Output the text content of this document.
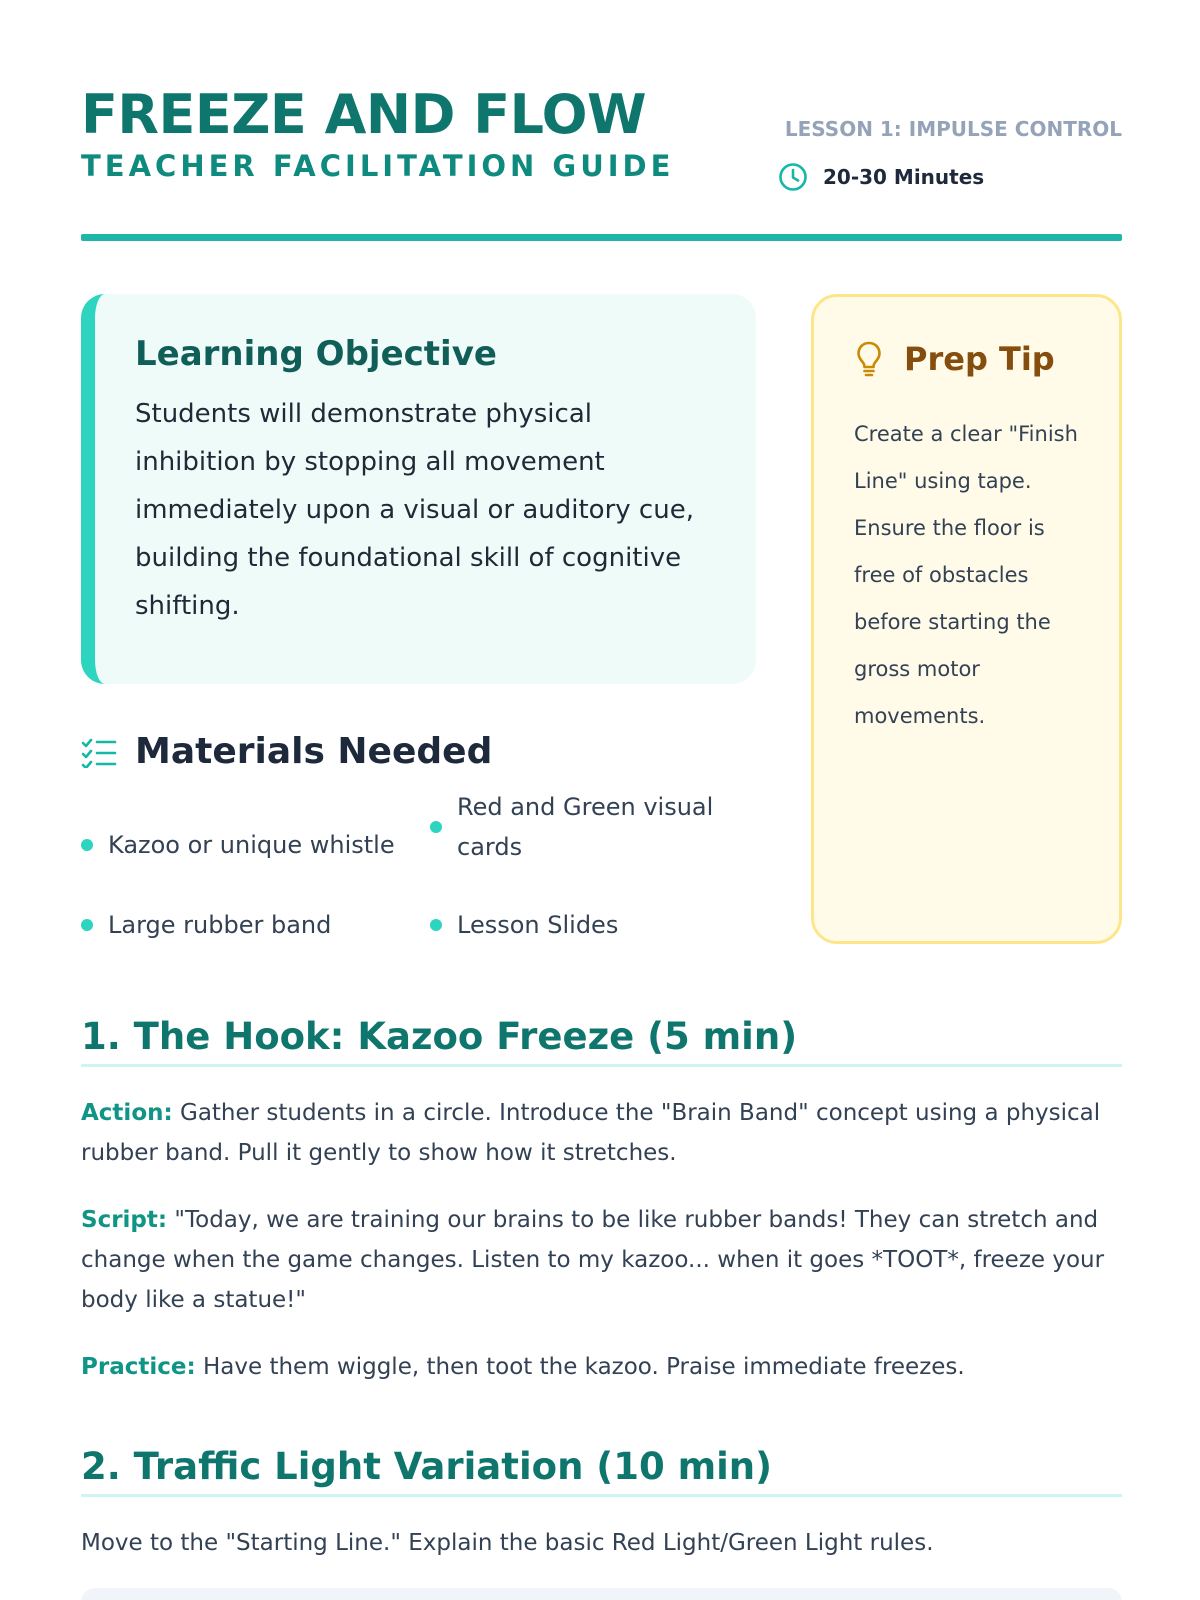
FREEZE AND FLOW
TEACHER FACILITATION GUIDE
LESSON 1: IMPULSE CONTROL
20-30 Minutes
Learning Objective

Students will demonstrate physical inhibition by stopping all movement immediately upon a visual or auditory cue, building the foundational skill of cognitive shifting.

Prep Tip

Create a clear "Finish Line" using tape. Ensure the floor is free of obstacles before starting the gross motor movements.

Materials Needed
Kazoo or unique whistle
Red and Green visual cards
Large rubber band	Lesson Slides
1. The Hook: Kazoo Freeze (5 min)
Action: Gather students in a circle. Introduce the "Brain Band" concept using a physical rubber band. Pull it gently to show how it stretches.
Script: "Today, we are training our brains to be like rubber bands! They can stretch and change when the game changes. Listen to my kazoo... when it goes *TOOT*, freeze your body like a statue!"
Practice: Have them wiggle, then toot the kazoo. Praise immediate freezes.
2. Traffic Light Variation (10 min)
Move to the "Starting Line." Explain the basic Red Light/Green Light rules.
